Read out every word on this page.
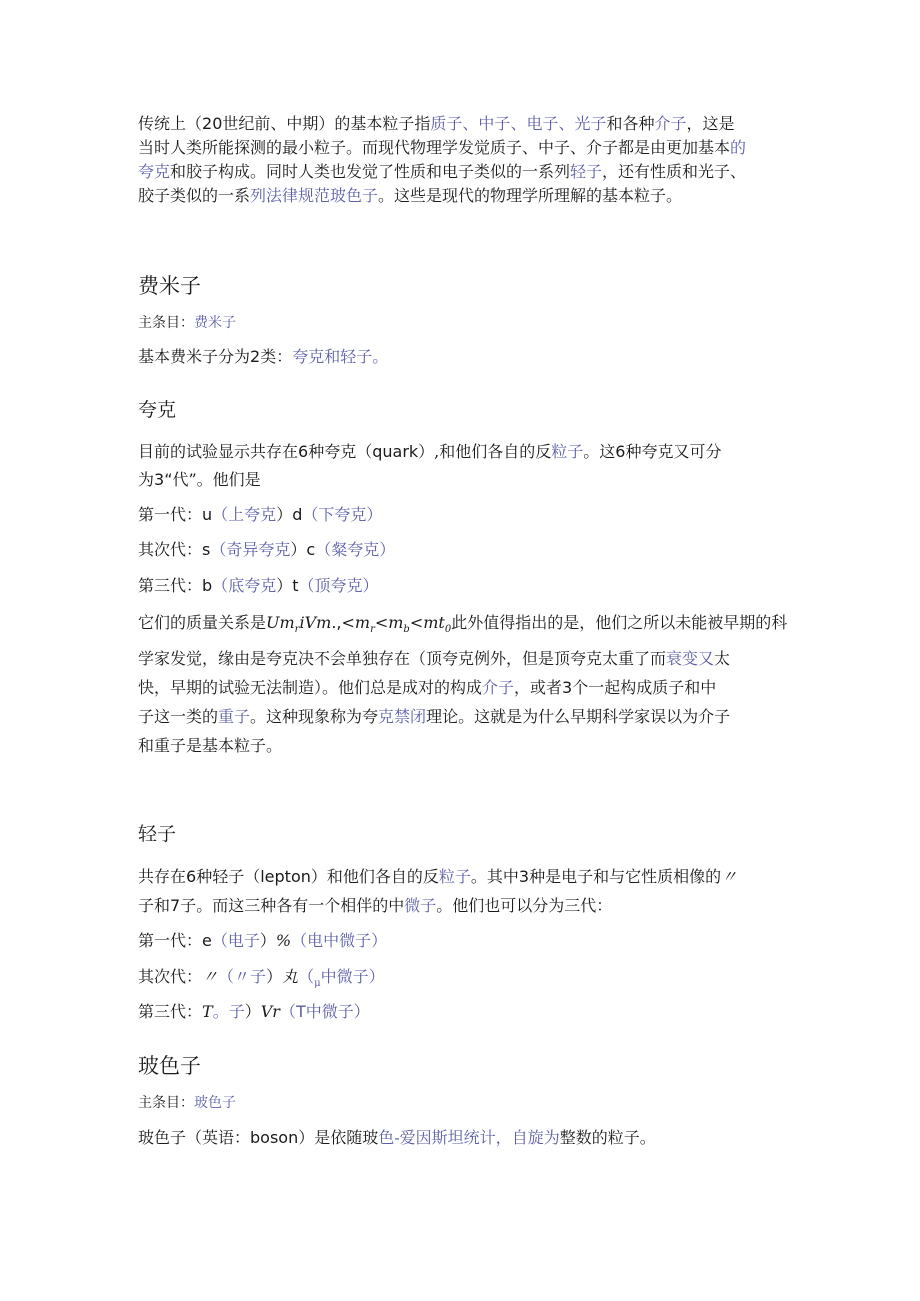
传统上（20世纪前、中期）的基本粒子指质子、中子、电子、光子和各种介子，这是
当时人类所能探测的最小粒子。而现代物理学发觉质子、中子、介子都是由更加基本的
夸克和胶子构成。同时人类也发觉了性质和电子类似的一系列轻子，还有性质和光子、
胶子类似的一系列法律规范玻色子。这些是现代的物理学所理解的基本粒子。
费米子
主条目：费米子
基本费米子分为2类：夸克和轻子。
夸克
目前的试验显示共存在6种夸克（quark）,和他们各自的反粒子。这6种夸克又可分
为3“代”。他们是
第一代：u（上夸克）d（下夸克）
其次代：s（奇异夸克）c（粲夸克）
第三代：b（底夸克）t（顶夸克）
它们的质量关系是$Um_riVm.,<m_r<m_b<mt_0$此外值得指出的是，他们之所以未能被早期的科
学家发觉，缘由是夸克决不会单独存在（顶夸克例外，但是顶夸克太重了而衰变又太
快，早期的试验无法制造）。他们总是成对的构成介子，或者3个一起构成质子和中
子这一类的重子。这种现象称为夸克禁闭理论。这就是为什么早期科学家误以为介子
和重子是基本粒子。
轻子
共存在6种轻子（lepton）和他们各自的反粒子。其中3种是电子和与它性质相像的〃
子和7子。而这三种各有一个相伴的中微子。他们也可以分为三代：
第一代：e（电子）%（电中微子）
其次代：〃（〃子）丸（$_\mu$中微子）
第三代：T。子）Vr（T中微子）
玻色子
主条目：玻色子
玻色子（英语：boson）是依随玻色-爱因斯坦统计，自旋为整数的粒子。
